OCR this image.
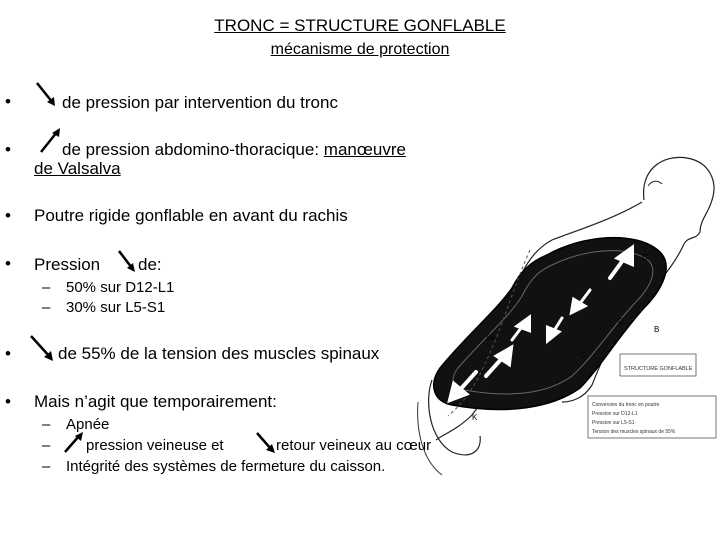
TRONC = STRUCTURE GONFLABLE
mécanisme de protection
•	de pression par intervention du tronc
•	de pression abdomino-thoracique: manœuvre
de Valsalva
• Poutre rigide gonflable en avant du rachis
• Pression de:
– 50% sur D12-L1
– 30% sur L5-S1
•	de 55% de la tension des muscles spinaux
• Mais n’agit que temporairement:
– Apnée
– pression veineuse et	retour veineux au cœur
– Intégrité des systèmes de fermeture du caisson.
C
D
B
S
G
K
A
STRUCTURE GONFLABLE
Conversion du tronc en poutre
Pression sur D12-L1
Pression sur L5-S1
Tension des muscles spinaux de 55%
